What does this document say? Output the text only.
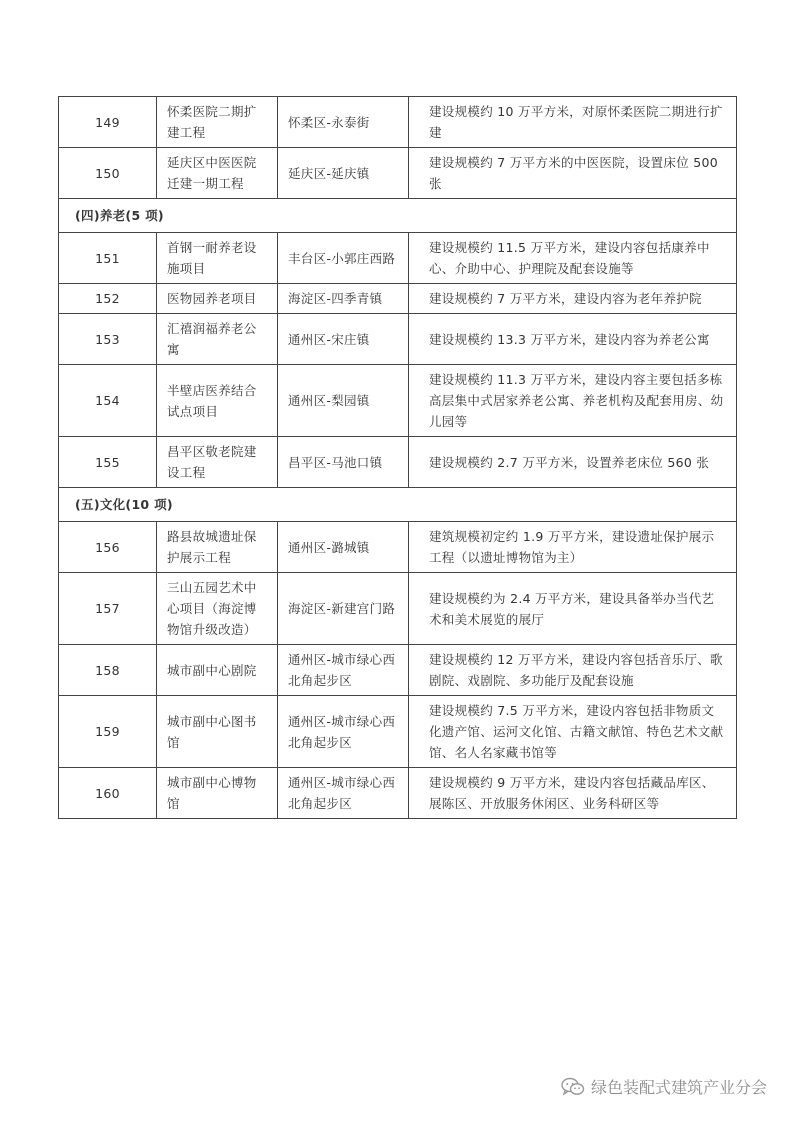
149	怀柔医院二期扩建工程	怀柔区-永泰街	建设规模约 10 万平方米，对原怀柔医院二期进行扩建
150	延庆区中医医院迁建一期工程	延庆区-延庆镇	建设规模约 7 万平方米的中医医院，设置床位 500 张
(四)养老(5 项)			
151	首钢一耐养老设施项目	丰台区-小郭庄西路	建设规模约 11.5 万平方米，建设内容包括康养中心、介助中心、护理院及配套设施等
152	医物园养老项目	海淀区-四季青镇	建设规模约 7 万平方米，建设内容为老年养护院
153	汇禧润福养老公寓	通州区-宋庄镇	建设规模约 13.3 万平方米，建设内容为养老公寓
154	半壁店医养结合试点项目	通州区-梨园镇	建设规模约 11.3 万平方米，建设内容主要包括多栋高层集中式居家养老公寓、养老机构及配套用房、幼儿园等
155	昌平区敬老院建设工程	昌平区-马池口镇	建设规模约 2.7 万平方米，设置养老床位 560 张
(五)文化(10 项)			
156	路县故城遗址保护展示工程	通州区-潞城镇	建筑规模初定约 1.9 万平方米，建设遗址保护展示工程（以遗址博物馆为主）
157	三山五园艺术中心项目（海淀博物馆升级改造）	海淀区-新建宫门路	建设规模约为 2.4 万平方米，建设具备举办当代艺术和美术展览的展厅
158	城市副中心剧院	通州区-城市绿心西北角起步区	建设规模约 12 万平方米，建设内容包括音乐厅、歌剧院、戏剧院、多功能厅及配套设施
159	城市副中心图书馆	通州区-城市绿心西北角起步区	建设规模约 7.5 万平方米，建设内容包括非物质文化遗产馆、运河文化馆、古籍文献馆、特色艺术文献馆、名人名家藏书馆等
160	城市副中心博物馆	通州区-城市绿心西北角起步区	建设规模约 9 万平方米，建设内容包括藏品库区、展陈区、开放服务休闲区、业务科研区等
绿色装配式建筑产业分会
